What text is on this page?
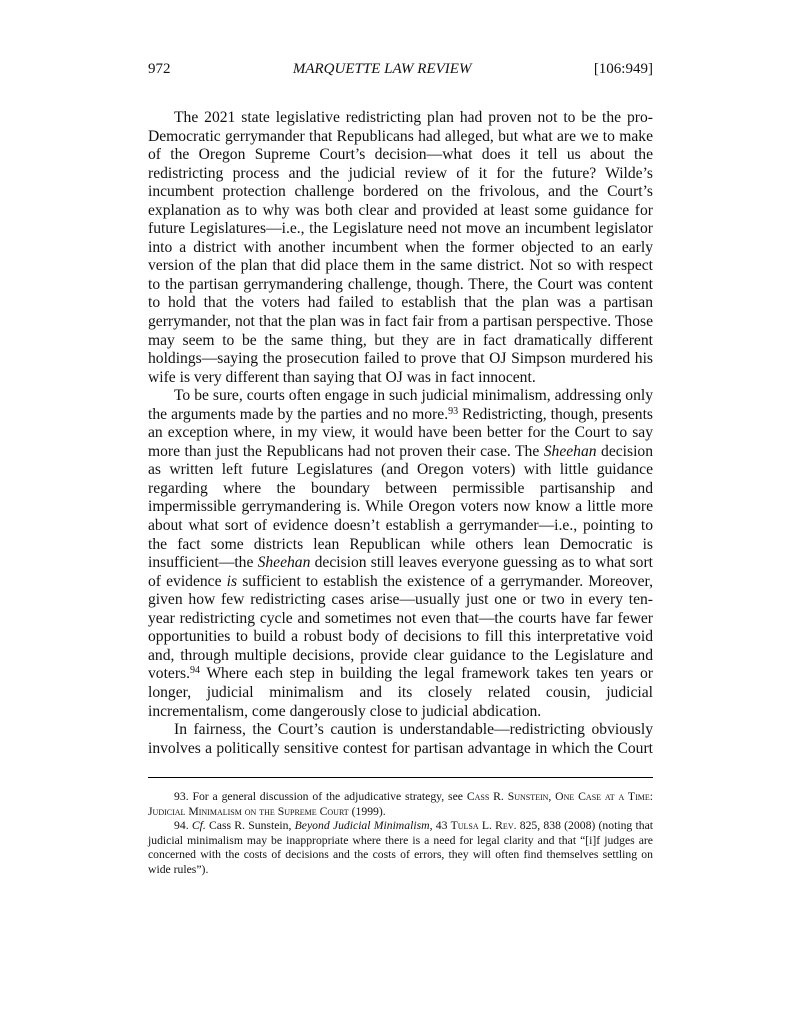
972	MARQUETTE LAW REVIEW	[106:949]

The 2021 state legislative redistricting plan had proven not to be the pro-Democratic gerrymander that Republicans had alleged, but what are we to make of the Oregon Supreme Court’s decision—what does it tell us about the redistricting process and the judicial review of it for the future? Wilde’s incumbent protection challenge bordered on the frivolous, and the Court’s explanation as to why was both clear and provided at least some guidance for future Legislatures—i.e., the Legislature need not move an incumbent legislator into a district with another incumbent when the former objected to an early version of the plan that did place them in the same district. Not so with respect to the partisan gerrymandering challenge, though. There, the Court was content to hold that the voters had failed to establish that the plan was a partisan gerrymander, not that the plan was in fact fair from a partisan perspective. Those may seem to be the same thing, but they are in fact dramatically different holdings—saying the prosecution failed to prove that OJ Simpson murdered his wife is very different than saying that OJ was in fact innocent.

To be sure, courts often engage in such judicial minimalism, addressing only the arguments made by the parties and no more.$^{93}$ Redistricting, though, presents an exception where, in my view, it would have been better for the Court to say more than just the Republicans had not proven their case. The Sheehan decision as written left future Legislatures (and Oregon voters) with little guidance regarding where the boundary between permissible partisanship and impermissible gerrymandering is. While Oregon voters now know a little more about what sort of evidence doesn’t establish a gerrymander—i.e., pointing to the fact some districts lean Republican while others lean Democratic is insufficient—the Sheehan decision still leaves everyone guessing as to what sort of evidence is sufficient to establish the existence of a gerrymander. Moreover, given how few redistricting cases arise—usually just one or two in every ten-year redistricting cycle and sometimes not even that—the courts have far fewer opportunities to build a robust body of decisions to fill this interpretative void and, through multiple decisions, provide clear guidance to the Legislature and voters.$^{94}$ Where each step in building the legal framework takes ten years or longer, judicial minimalism and its closely related cousin, judicial incrementalism, come dangerously close to judicial abdication.

In fairness, the Court’s caution is understandable—redistricting obviously involves a politically sensitive contest for partisan advantage in which the Court

93. For a general discussion of the adjudicative strategy, see Cass R. Sunstein, One Case at a Time: Judicial Minimalism on the Supreme Court (1999).

94. Cf. Cass R. Sunstein, Beyond Judicial Minimalism, 43 Tulsa L. Rev. 825, 838 (2008) (noting that judicial minimalism may be inappropriate where there is a need for legal clarity and that “[i]f judges are concerned with the costs of decisions and the costs of errors, they will often find themselves settling on wide rules”).
